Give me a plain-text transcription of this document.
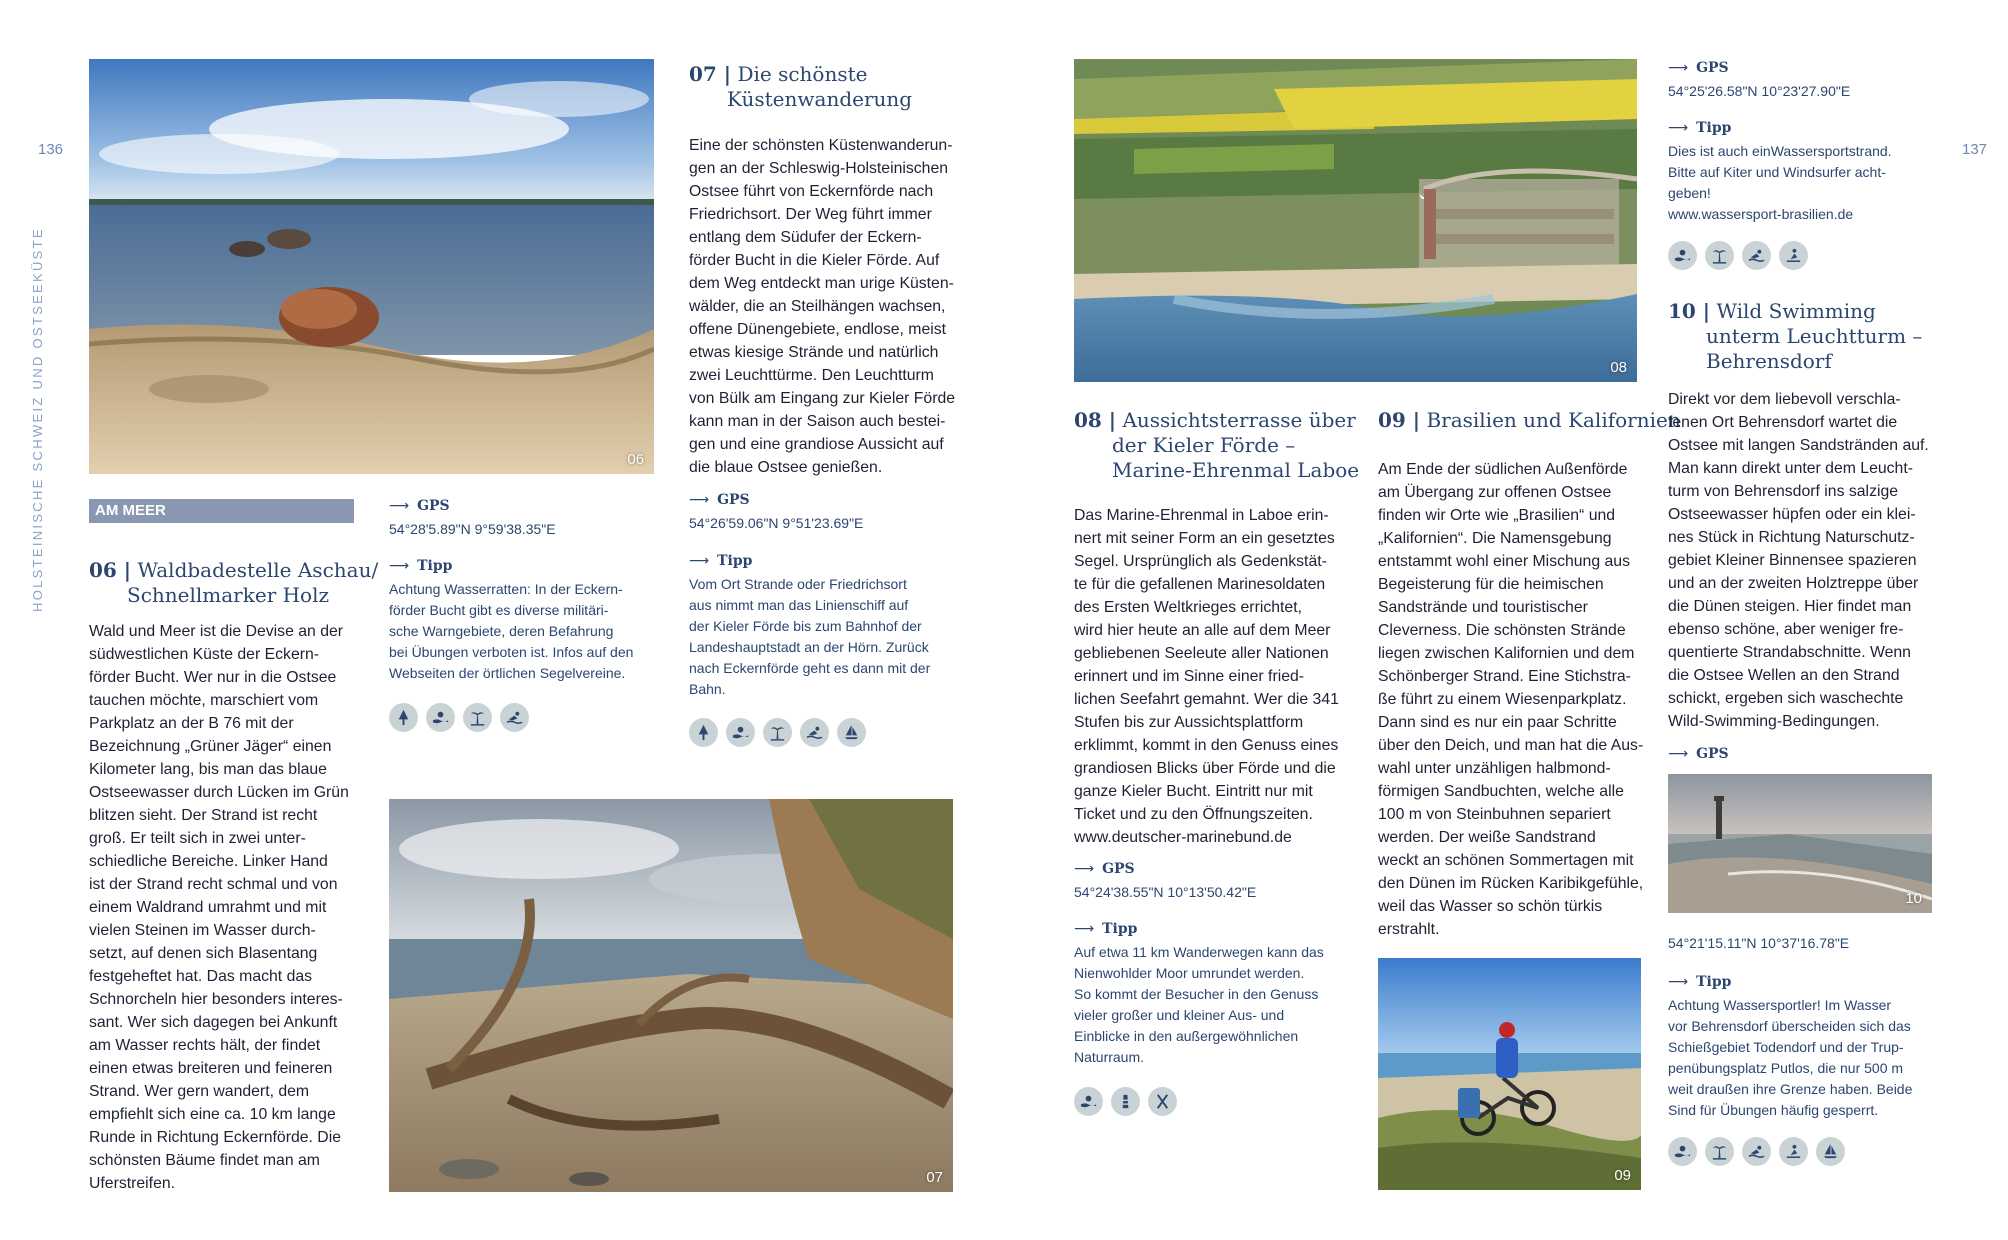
136
HOLSTEINISCHE SCHWEIZ UND OSTSEEKÜSTE	06
AM MEER
06 | Waldbadestelle Aschau/
Schnellmarker Holz
Wald und Meer ist die Devise an der
südwestlichen Küste der Eckern-
förder Bucht. Wer nur in die Ostsee
tauchen möchte, marschiert vom
Parkplatz an der B 76 mit der
Bezeichnung „Grüner Jäger“ einen
Kilometer lang, bis man das blaue
Ostseewasser durch Lücken im Grün
blitzen sieht. Der Strand ist recht
groß. Er teilt sich in zwei unter-
schiedliche Bereiche. Linker Hand
ist der Strand recht schmal und von
einem Waldrand umrahmt und mit
vielen Steinen im Wasser durch-
setzt, auf denen sich Blasentang
festgeheftet hat. Das macht das
Schnorcheln hier besonders interes-
sant. Wer sich dagegen bei Ankunft
am Wasser rechts hält, der findet
einen etwas breiteren und feineren
Strand. Wer gern wandert, dem
empfiehlt sich eine ca. 10 km lange
Runde in Richtung Eckernförde. Die
schönsten Bäume findet man am
Uferstreifen.
⟶ GPS
54°28'5.89"N 9°59'38.35"E
⟶ Tipp
Achtung Wasserratten: In der Eckern-
förder Bucht gibt es diverse militäri-
sche Warngebiete, deren Befahrung
bei Übungen verboten ist. Infos auf den
Webseiten der örtlichen Segelvereine.
07 | Die schönste
Küstenwanderung
Eine der schönsten Küstenwanderun-
gen an der Schleswig-Holsteinischen
Ostsee führt von Eckernförde nach
Friedrichsort. Der Weg führt immer
entlang dem Südufer der Eckern-
förder Bucht in die Kieler Förde. Auf
dem Weg entdeckt man urige Küsten-
wälder, die an Steilhängen wachsen,
offene Dünengebiete, endlose, meist
etwas kiesige Strände und natürlich
zwei Leuchttürme. Den Leuchtturm
von Bülk am Eingang zur Kieler Förde
kann man in der Saison auch bestei-
gen und eine grandiose Aussicht auf
die blaue Ostsee genießen.
⟶ GPS
54°26'59.06"N 9°51'23.69"E
⟶ Tipp
Vom Ort Strande oder Friedrichsort
aus nimmt man das Linienschiff auf
der Kieler Förde bis zum Bahnhof der
Landeshauptstadt an der Hörn. Zurück
nach Eckernförde geht es dann mit der
Bahn.
07
137
08
08 | Aussichtsterrasse über
der Kieler Förde –
Marine-Ehrenmal Laboe
Das Marine-Ehrenmal in Laboe erin-
nert mit seiner Form an ein gesetztes
Segel. Ursprünglich als Gedenkstät-
te für die gefallenen Marinesoldaten
des Ersten Weltkrieges errichtet,
wird hier heute an alle auf dem Meer
gebliebenen Seeleute aller Nationen
erinnert und im Sinne einer fried-
lichen Seefahrt gemahnt. Wer die 341
Stufen bis zur Aussichtsplattform
erklimmt, kommt in den Genuss eines
grandiosen Blicks über Förde und die
ganze Kieler Bucht. Eintritt nur mit
Ticket und zu den Öffnungszeiten.
www.deutscher-marinebund.de
⟶ GPS
54°24'38.55"N 10°13'50.42"E
⟶ Tipp
Auf etwa 11 km Wanderwegen kann das
Nienwohlder Moor umrundet werden.
So kommt der Besucher in den Genuss
vieler großer und kleiner Aus- und
Einblicke in den außergewöhnlichen
Naturraum.
09 | Brasilien und Kalifornien
Am Ende der südlichen Außenförde
am Übergang zur offenen Ostsee
finden wir Orte wie „Brasilien“ und
„Kalifornien“. Die Namensgebung
entstammt wohl einer Mischung aus
Begeisterung für die heimischen
Sandstrände und touristischer
Cleverness. Die schönsten Strände
liegen zwischen Kalifornien und dem
Schönberger Strand. Eine Stichstra-
ße führt zu einem Wiesenparkplatz.
Dann sind es nur ein paar Schritte
über den Deich, und man hat die Aus-
wahl unter unzähligen halbmond-
förmigen Sandbuchten, welche alle
100 m von Steinbuhnen separiert
werden. Der weiße Sandstrand
weckt an schönen Sommertagen mit
den Dünen im Rücken Karibikgefühle,
weil das Wasser so schön türkis
erstrahlt.
09
⟶ GPS
54°25'26.58"N 10°23'27.90"E
⟶ Tipp
Dies ist auch einWassersportstrand.
Bitte auf Kiter und Windsurfer acht-
geben!
www.wassersport-brasilien.de
10 | Wild Swimming
unterm Leuchtturm –
Behrensdorf
Direkt vor dem liebevoll verschla-
fenen Ort Behrensdorf wartet die
Ostsee mit langen Sandstränden auf.
Man kann direkt unter dem Leucht-
turm von Behrensdorf ins salzige
Ostseewasser hüpfen oder ein klei-
nes Stück in Richtung Naturschutz-
gebiet Kleiner Binnensee spazieren
und an der zweiten Holztreppe über
die Dünen steigen. Hier findet man
ebenso schöne, aber weniger fre-
quentierte Strandabschnitte. Wenn
die Ostsee Wellen an den Strand
schickt, ergeben sich waschechte
Wild-Swimming-Bedingungen.
⟶ GPS
10
54°21'15.11"N 10°37'16.78"E
⟶ Tipp
Achtung Wassersportler! Im Wasser
vor Behrensdorf überscheiden sich das
Schießgebiet Todendorf und der Trup-
penübungsplatz Putlos, die nur 500 m
weit draußen ihre Grenze haben. Beide
Sind für Übungen häufig gesperrt.
